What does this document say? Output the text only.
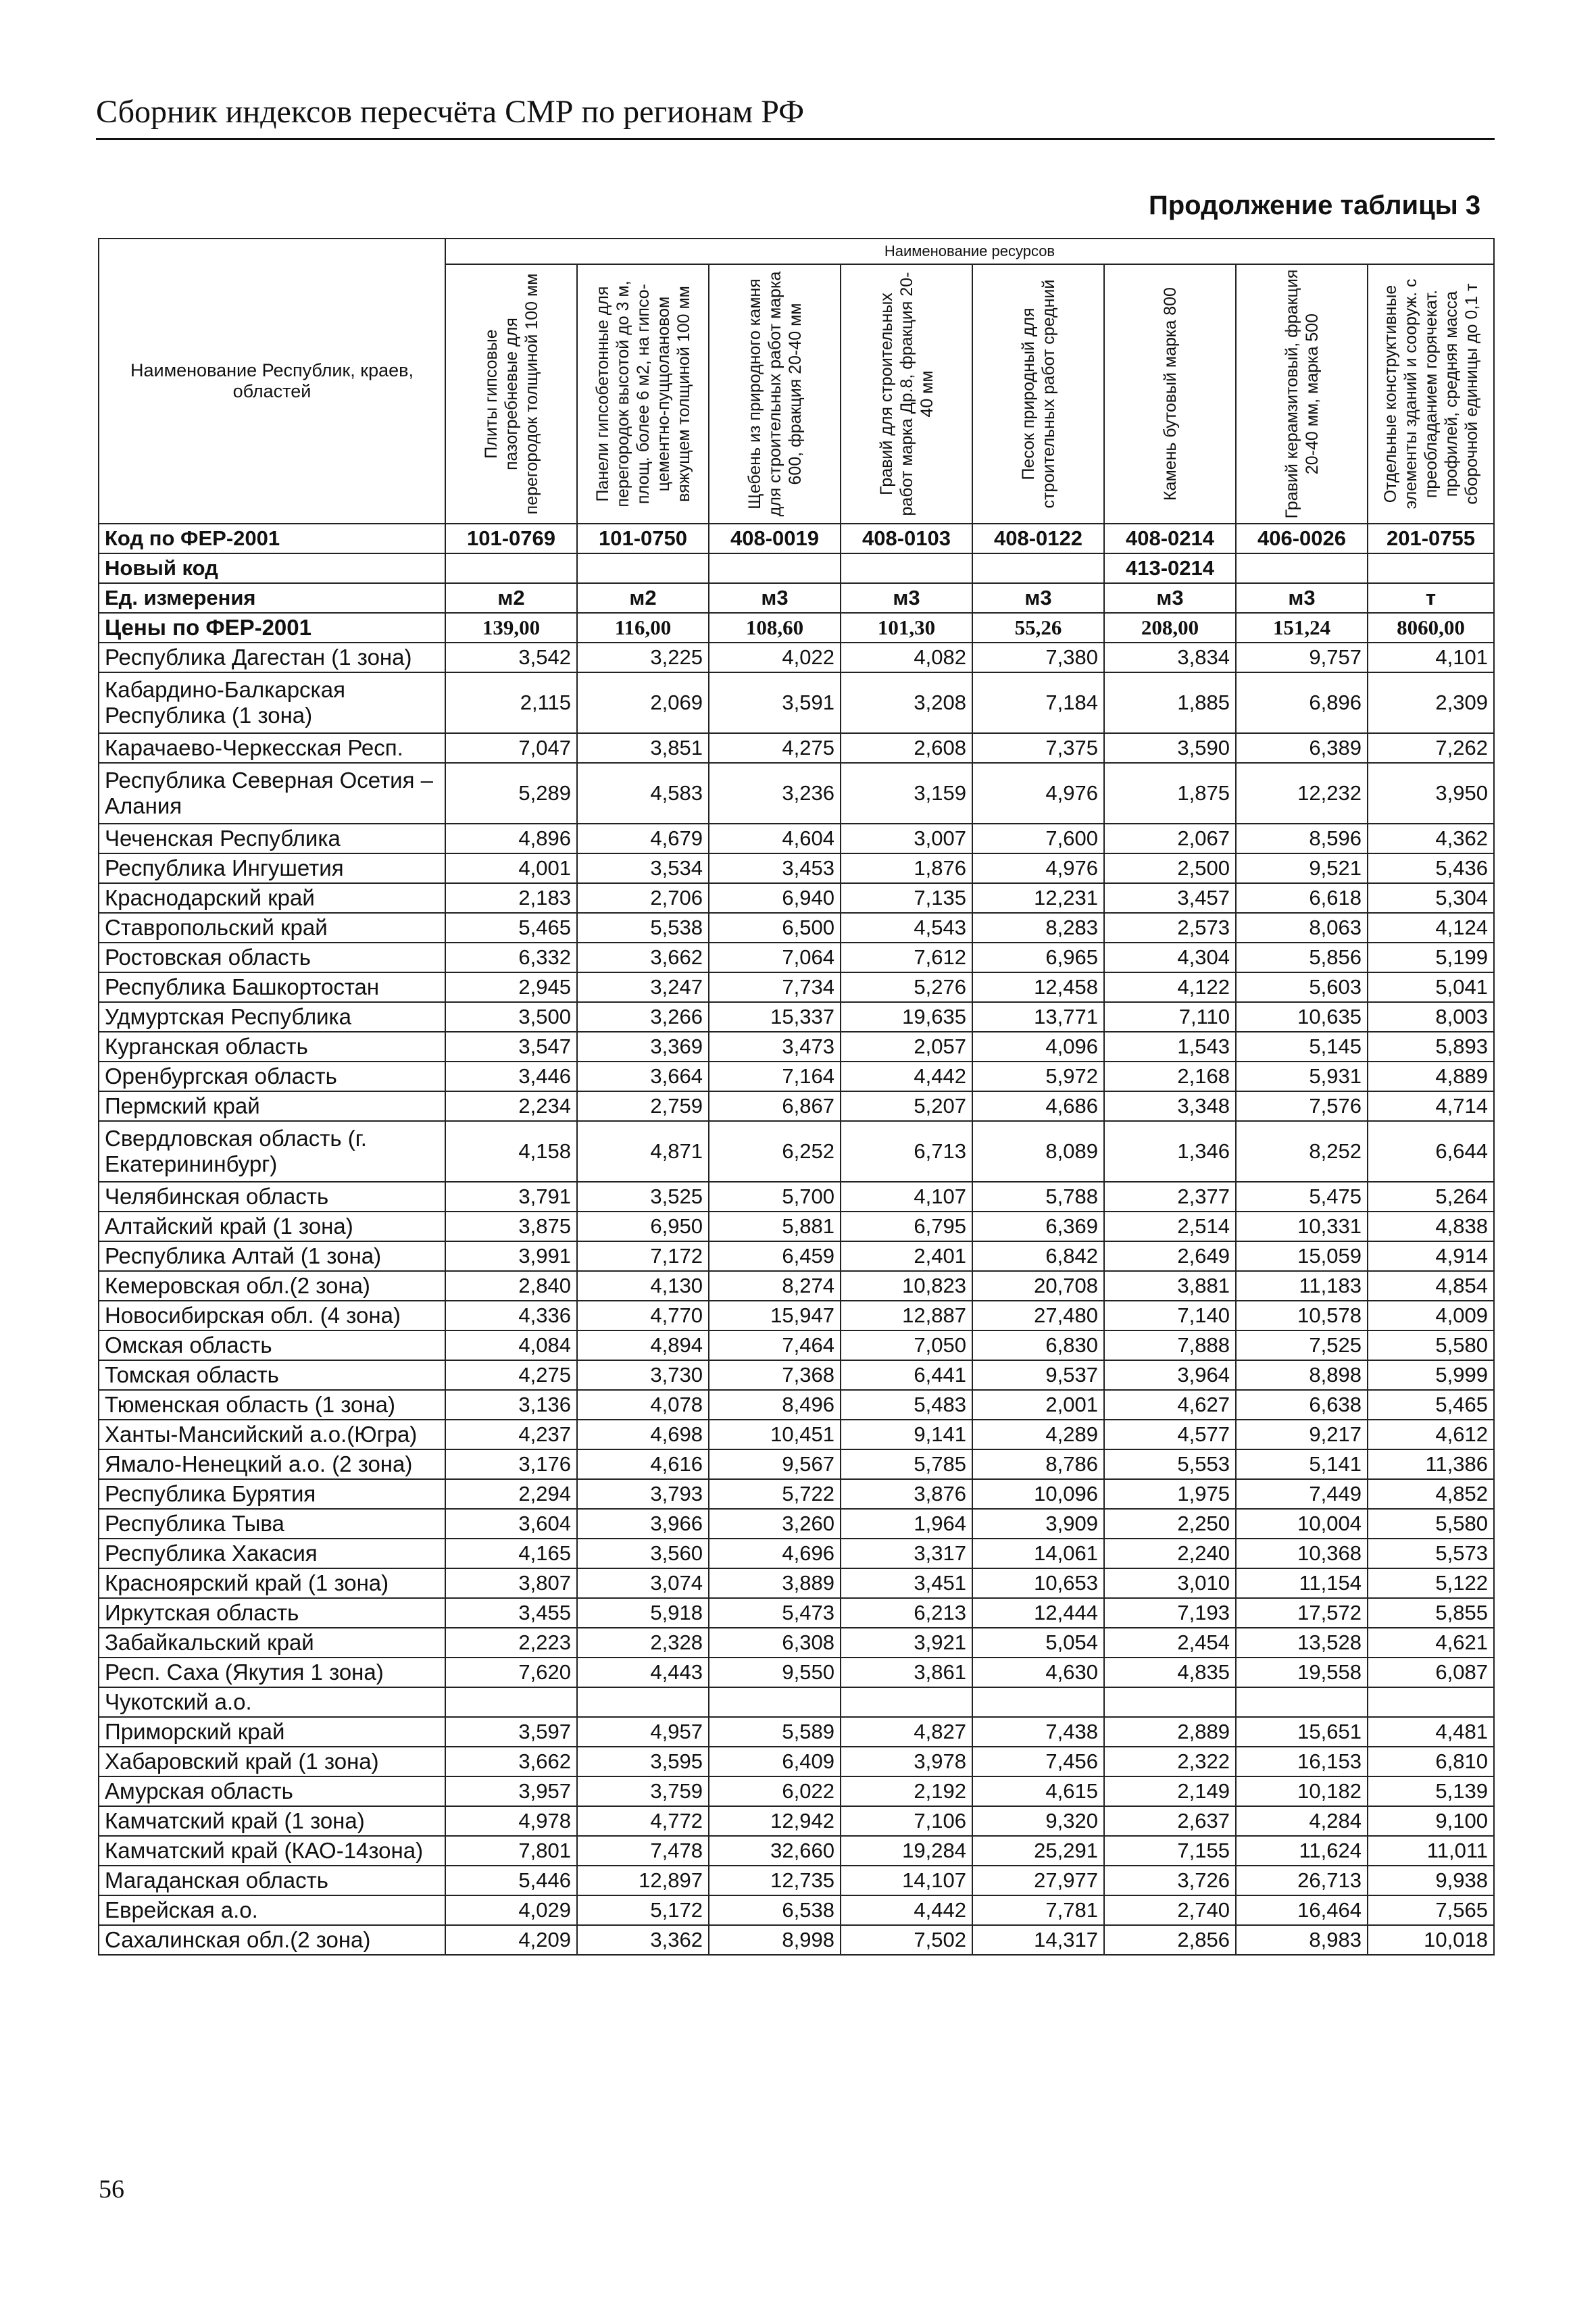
Сборник индексов пересчёта СМР по регионам РФ
Продолжение таблицы 3
Наименование Республик, краев, областей	Наименование ресурсов							

	Плиты гипсовые пазогребневые для перегородок толщиной 100 мм	Панели гипсобетонные для перегородок высотой до 3 м, площ. более 6 м2, на гипсо-цементно-пуццолановом вяжущем толщиной 100 мм	Щебень из природного камня для строительных работ марка 600, фракция 20-40 мм	Гравий для строительных работ марка Др.8, фракция 20-40 мм	Песок природный для строительных работ средний	Камень бутовый марка 800	Гравий керамзитовый, фракция 20-40 мм, марка 500	Отдельные конструктивные элементы зданий и сооруж. с преобладанием горячекат. профилей, средняя масса сборочной единицы до 0,1 т

Код по ФЕР-2001	101-0769	101-0750	408-0019	408-0103	408-0122	408-0214	406-0026	201-0755
Новый код						413-0214		
Ед. измерения	м2	м2	м3	м3	м3	м3	м3	т
Цены по ФЕР-2001	139,00	116,00	108,60	101,30	55,26	208,00	151,24	8060,00
Республика Дагестан (1 зона)	3,542	3,225	4,022	4,082	7,380	3,834	9,757	4,101
Кабардино-Балкарская Республика (1 зона)	2,115	2,069	3,591	3,208	7,184	1,885	6,896	2,309
Карачаево-Черкесская Респ.	7,047	3,851	4,275	2,608	7,375	3,590	6,389	7,262
Республика Северная Осетия – Алания	5,289	4,583	3,236	3,159	4,976	1,875	12,232	3,950
Чеченская Республика	4,896	4,679	4,604	3,007	7,600	2,067	8,596	4,362
Республика Ингушетия	4,001	3,534	3,453	1,876	4,976	2,500	9,521	5,436
Краснодарский край	2,183	2,706	6,940	7,135	12,231	3,457	6,618	5,304
Ставропольский край	5,465	5,538	6,500	4,543	8,283	2,573	8,063	4,124
Ростовская область	6,332	3,662	7,064	7,612	6,965	4,304	5,856	5,199
Республика Башкортостан	2,945	3,247	7,734	5,276	12,458	4,122	5,603	5,041
Удмуртская Республика	3,500	3,266	15,337	19,635	13,771	7,110	10,635	8,003
Курганская область	3,547	3,369	3,473	2,057	4,096	1,543	5,145	5,893
Оренбургская область	3,446	3,664	7,164	4,442	5,972	2,168	5,931	4,889
Пермский край	2,234	2,759	6,867	5,207	4,686	3,348	7,576	4,714
Свердловская область (г. Екатерининбург)	4,158	4,871	6,252	6,713	8,089	1,346	8,252	6,644
Челябинская область	3,791	3,525	5,700	4,107	5,788	2,377	5,475	5,264
Алтайский край (1 зона)	3,875	6,950	5,881	6,795	6,369	2,514	10,331	4,838
Республика Алтай (1 зона)	3,991	7,172	6,459	2,401	6,842	2,649	15,059	4,914
Кемеровская обл.(2 зона)	2,840	4,130	8,274	10,823	20,708	3,881	11,183	4,854
Новосибирская обл. (4 зона)	4,336	4,770	15,947	12,887	27,480	7,140	10,578	4,009
Омская область	4,084	4,894	7,464	7,050	6,830	7,888	7,525	5,580
Томская область	4,275	3,730	7,368	6,441	9,537	3,964	8,898	5,999
Тюменская область (1 зона)	3,136	4,078	8,496	5,483	2,001	4,627	6,638	5,465
Ханты-Мансийский а.о.(Югра)	4,237	4,698	10,451	9,141	4,289	4,577	9,217	4,612
Ямало-Ненецкий а.о. (2 зона)	3,176	4,616	9,567	5,785	8,786	5,553	5,141	11,386
Республика Бурятия	2,294	3,793	5,722	3,876	10,096	1,975	7,449	4,852
Республика Тыва	3,604	3,966	3,260	1,964	3,909	2,250	10,004	5,580
Республика Хакасия	4,165	3,560	4,696	3,317	14,061	2,240	10,368	5,573
Красноярский край (1 зона)	3,807	3,074	3,889	3,451	10,653	3,010	11,154	5,122
Иркутская область	3,455	5,918	5,473	6,213	12,444	7,193	17,572	5,855
Забайкальский край	2,223	2,328	6,308	3,921	5,054	2,454	13,528	4,621
Респ. Саха (Якутия 1 зона)	7,620	4,443	9,550	3,861	4,630	4,835	19,558	6,087
Чукотский а.о.								
Приморский край	3,597	4,957	5,589	4,827	7,438	2,889	15,651	4,481
Хабаровский край (1 зона)	3,662	3,595	6,409	3,978	7,456	2,322	16,153	6,810
Амурская область	3,957	3,759	6,022	2,192	4,615	2,149	10,182	5,139
Камчатский край (1 зона)	4,978	4,772	12,942	7,106	9,320	2,637	4,284	9,100
Камчатский край (КАО-14зона)	7,801	7,478	32,660	19,284	25,291	7,155	11,624	11,011
Магаданская область	5,446	12,897	12,735	14,107	27,977	3,726	26,713	9,938
Еврейская а.о.	4,029	5,172	6,538	4,442	7,781	2,740	16,464	7,565
Сахалинская обл.(2 зона)	4,209	3,362	8,998	7,502	14,317	2,856	8,983	10,018
56
